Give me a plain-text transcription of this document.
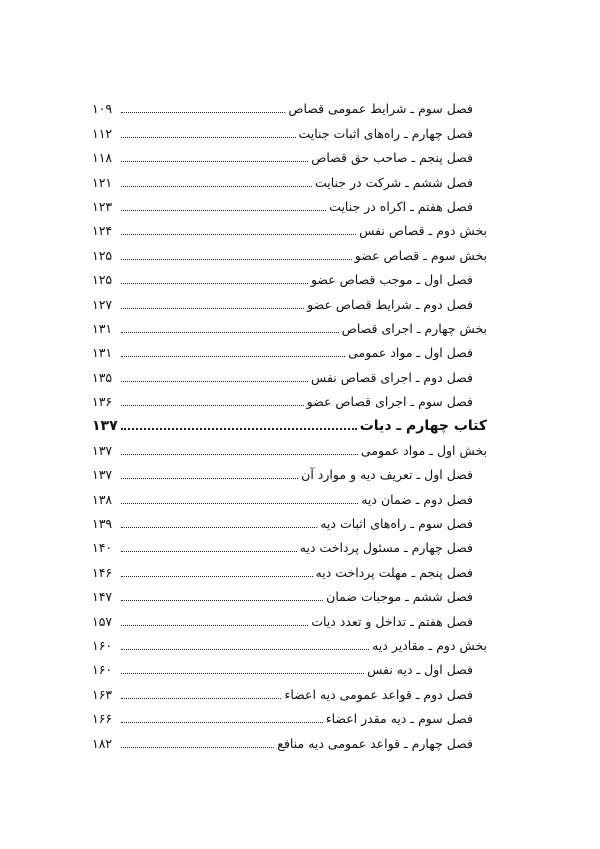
فصل سوم ـ شرایط عمومی قصاص
۱۰۹
فصل چهارم ـ راه‌های اثبات جنایت
۱۱۲
فصل پنجم ـ صاحب حق قصاص
۱۱۸
فصل ششم ـ شرکت در جنایت
۱۲۱
فصل هفتم ـ اکراه در جنایت
۱۲۳
بخش دوم ـ قصاص نفس
۱۲۴
بخش سوم ـ قصاص عضو
۱۲۵
فصل اول ـ موجب قصاص عضو
۱۲۵
فصل دوم ـ شرایط قصاص عضو
۱۲۷
بخش چهارم ـ اجرای قصاص
۱۳۱
فصل اول ـ مواد عمومی
۱۳۱
فصل دوم ـ اجرای قصاص نفس
۱۳۵
فصل سوم ـ اجرای قصاص عضو
۱۳۶
کتاب چهارم ـ دیات
۱۳۷
بخش اول ـ مواد عمومی
۱۳۷
فصل اول ـ تعریف دیه و موارد آن
۱۳۷
فصل دوم ـ ضمان دیه
۱۳۸
فصل سوم ـ راه‌های اثبات دیه
۱۳۹
فصل چهارم ـ مسئول پرداخت دیه
۱۴۰
فصل پنجم ـ مهلت پرداخت دیه
۱۴۶
فصل ششم ـ موجبات ضمان
۱۴۷
فصل هفتم ـ تداخل و تعدد دیات
۱۵۷
بخش دوم ـ مقادیر دیه
۱۶۰
فصل اول ـ دیه نفس
۱۶۰
فصل دوم ـ قواعد عمومی دیه اعضاء
۱۶۳
فصل سوم ـ دیه مقدر اعضاء
۱۶۶
فصل چهارم ـ قواعد عمومی دیه منافع
۱۸۲
